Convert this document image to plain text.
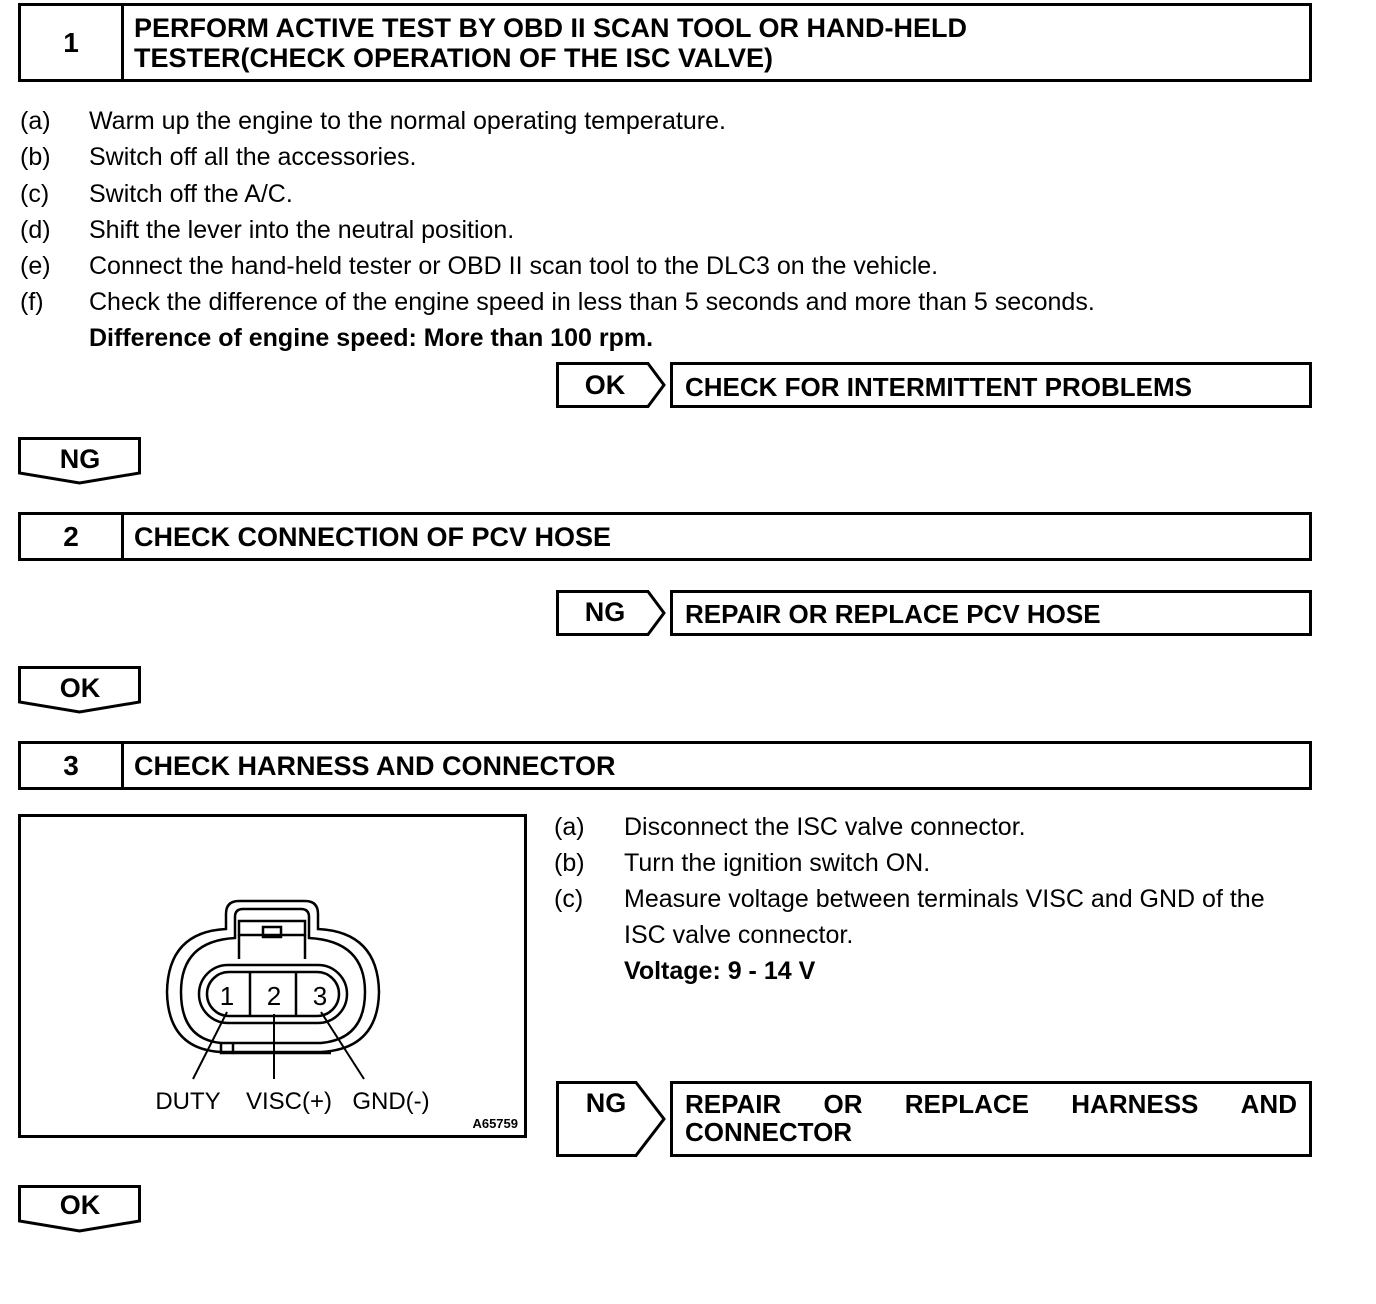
1	PERFORM ACTIVE TEST BY OBD II SCAN TOOL OR HAND-HELD
TESTER(CHECK OPERATION OF THE ISC VALVE)
(a) Warm up the engine to the normal operating temperature.
(b) Switch off all the accessories.
(c) Switch off the A/C.
(d) Shift the lever into the neutral position.
(e) Connect the hand-held tester or OBD II scan tool to the DLC3 on the vehicle.
(f) Check the difference of the engine speed in less than 5 seconds and more than 5 seconds.
Difference of engine speed: More than 100 rpm.
OK	CHECK FOR INTERMITTENT PROBLEMS
NG
2	CHECK CONNECTION OF PCV HOSE
NG	REPAIR OR REPLACE PCV HOSE
OK
3	CHECK HARNESS AND CONNECTOR
1 2 3
DUTY VISC(+) GND(-)
A65759
(a) Disconnect the ISC valve connector.
(b) Turn the ignition switch ON.
(c) Measure voltage between terminals VISC and GND of the
ISC valve connector.
Voltage: 9 - 14 V
NG	REPAIR OR REPLACE HARNESS AND
CONNECTOR
OK
